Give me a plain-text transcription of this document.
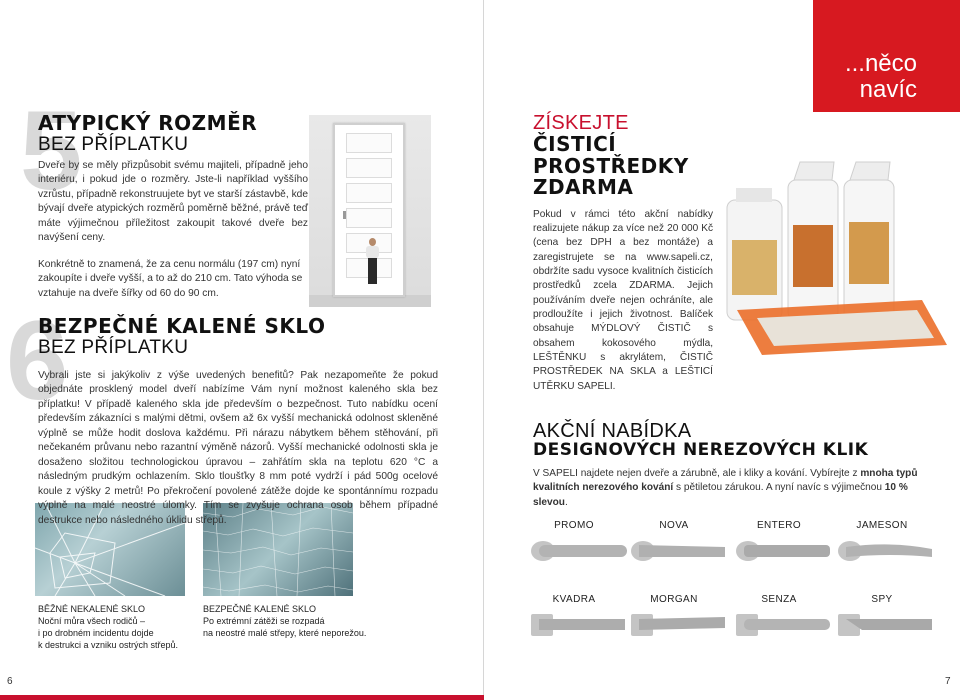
5
ATYPICKÝ ROZMĚR
BEZ PŘÍPLATKU

Dveře by se měly přizpůsobit svému majiteli, případně jeho interiéru, i pokud jde o rozměry. Jste-li například vyššího vzrůstu, případně rekonstruujete byt ve starší zástavbě, kde bývají dveře atypických rozměrů poměrně běžné, právě teď máte výjimečnou příležitost zakoupit takové dveře bez navýšení ceny.

Konkrétně to znamená, že za cenu normálu (197 cm) nyní zakoupíte i dveře vyšší, a to až do 210 cm. Tato výhoda se vztahuje na dveře šířky od 60 do 90 cm.

6
BEZPEČNÉ KALENÉ SKLO
BEZ PŘÍPLATKU

Vybrali jste si jakýkoliv z výše uvedených benefitů? Pak nezapomeňte že pokud objednáte prosklený model dveří nabízíme Vám nyní možnost kaleného skla bez příplatku! V případě kaleného skla jde především o bezpečnost. Tuto nabídku ocení především zákazníci s malými dětmi, ovšem až 6x vyšší mechanická odolnost skleněné výplně se může hodit doslova každému. Při nárazu nábytkem během stěhování, při nečekaném průvanu nebo razantní výměně názorů. Vyšší mechanické odolnosti skla je dosaženo složitou technologickou úpravou – zahřátím skla na teplotu 620 °C a následným prudkým ochlazením. Sklo tloušťky 8 mm poté vydrží i pád 500g ocelové koule z výšky 2 metrů! Po překročení povolené zátěže dojde ke spontánnímu rozpadu výplně na malé neostré úlomky. Tím se zvyšuje ochrana osob během případné destrukce nebo následného úklidu střepů.

BĚŽNÉ NEKALENÉ SKLO
Noční můra všech rodičů –
i po drobném incidentu dojde
k destrukci a vzniku ostrých střepů.
BEZPEČNÉ KALENÉ SKLO
Po extrémní zátěži se rozpadá
na neostré malé střepy, které neporežou.
6
...něco
navíc
ZÍSKEJTE ČISTICÍ
PROSTŘEDKY
ZDARMA

Pokud v rámci této akční nabídky realizujete nákup za více než 20 000 Kč (cena bez DPH a bez montáže) a zaregistrujete se na www.sapeli.cz, obdržíte sadu vysoce kvalitních čisticích prostředků zcela ZDARMA. Jejich používáním dveře nejen ochráníte, ale prodloužíte i jejich životnost. Balíček obsahuje MÝDLOVÝ ČISTIČ s obsahem kokosového mýdla, LEŠTĚNKU s akrylátem, ČISTIČ PROSTŘEDEK NA SKLA a LEŠTICÍ UTĚRKU SAPELI.

AKČNÍ NABÍDKA
DESIGNOVÝCH NEREZOVÝCH KLIK

V SAPELI najdete nejen dveře a zárubně, ale i kliky a kování. Vybírejte z mnoha typů kvalitních nerezového kování s pětiletou zárukou. A nyní navíc s výjimečnou 10 % slevou.

PROMO	NOVA	ENTERO	JAMESON
KVADRA	MORGAN	SENZA	SPY
7
